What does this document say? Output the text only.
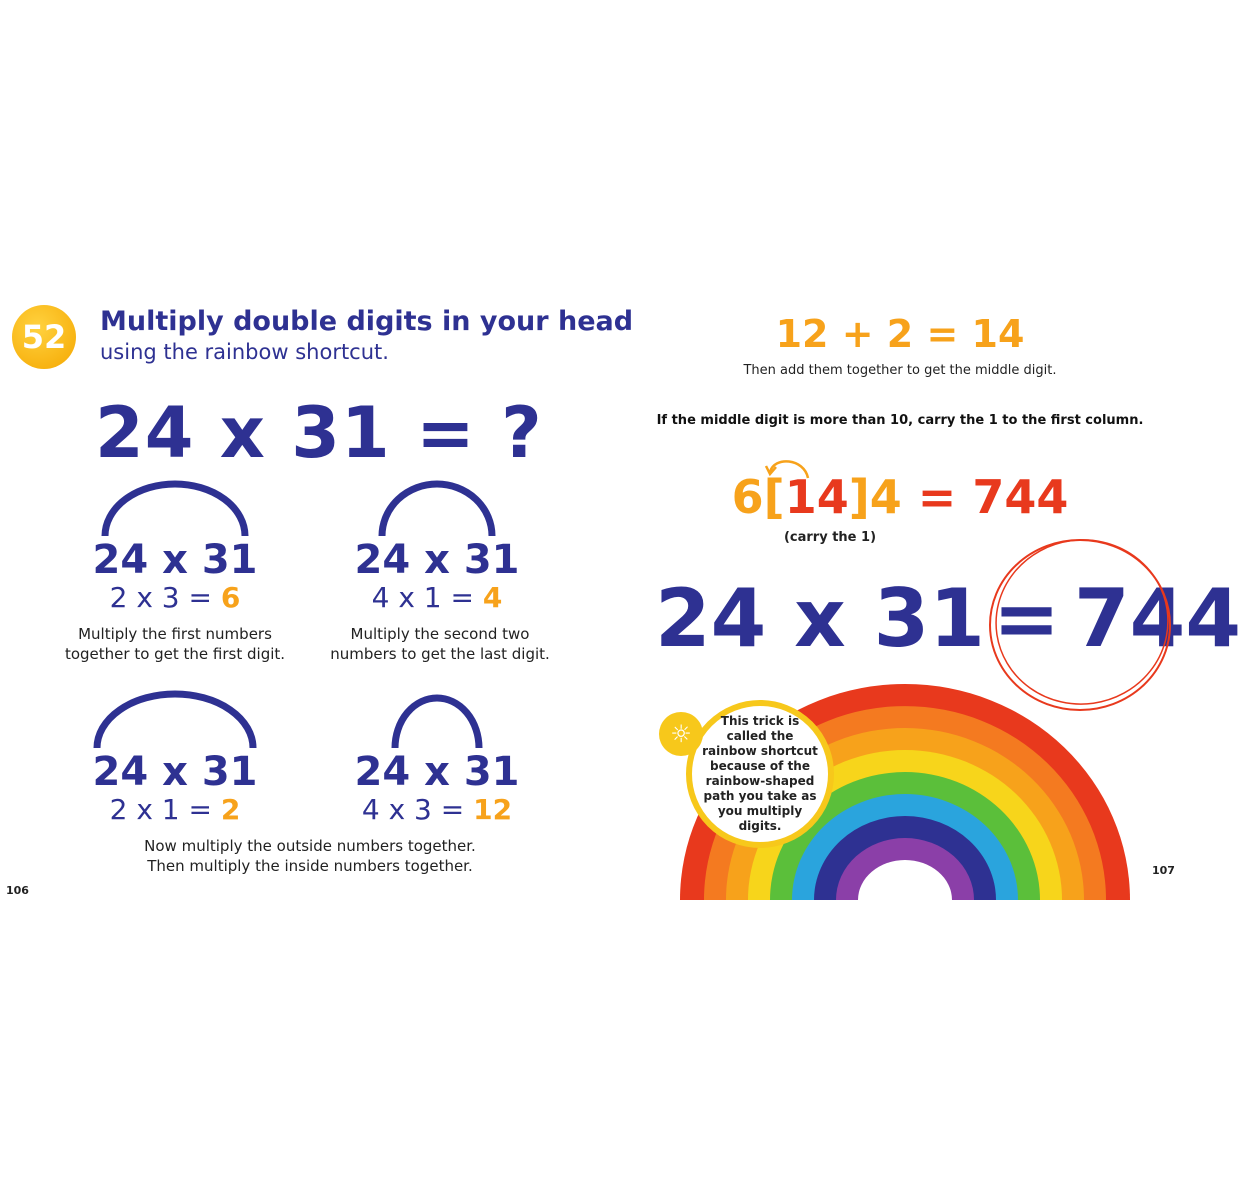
52	Multiply double digits in your head
using the rainbow shortcut.
24 x 31 = ?
24 x 31
2 x 3 = 6
Multiply the first numbers
together to get the first digit.
24 x 31
4 x 1 = 4
Multiply the second two
numbers to get the last digit.
24 x 31
2 x 1 = 2
24 x 31
4 x 3 = 12
Now multiply the outside numbers together.
Then multiply the inside numbers together.
106
12 + 2 = 14
Then add them together to get the middle digit.
If the middle digit is more than 10, carry the 1 to the first column.
6[14]4 = 744
(carry the 1)
24 x 31 = 744
This trick is called the rainbow shortcut because of the rainbow-shaped path you take as you multiply digits.
☼
107
